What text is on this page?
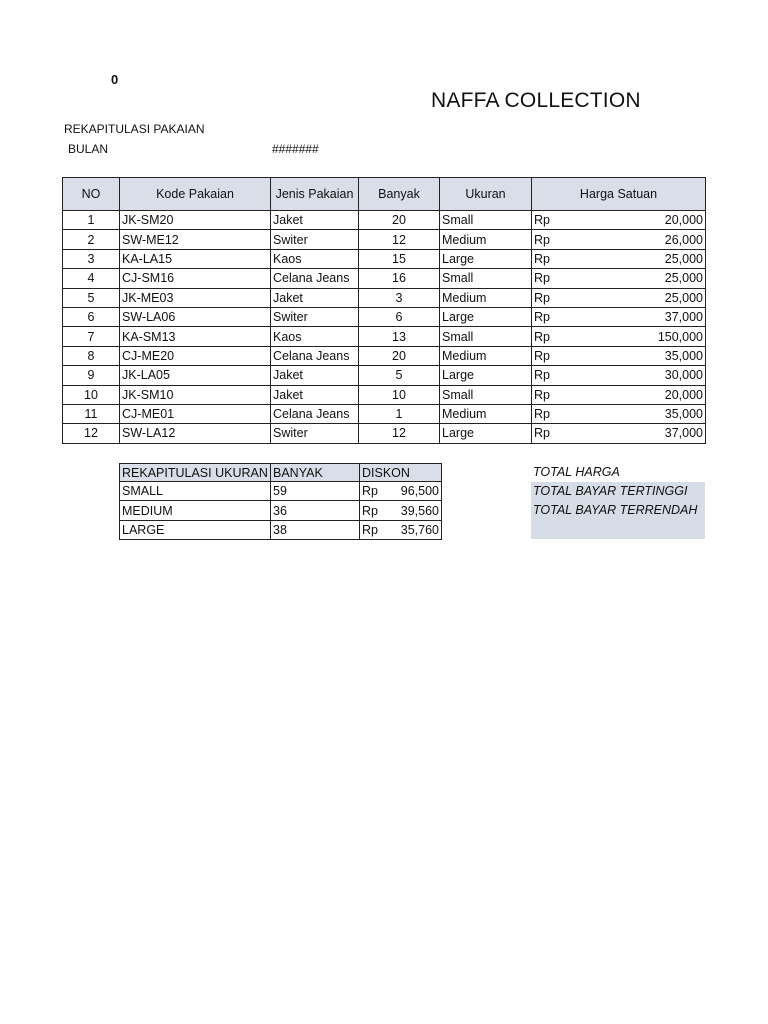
0
NAFFA COLLECTION
REKAPITULASI PAKAIAN
BULAN	#######
NO	Kode Pakaian	Jenis Pakaian	Banyak	Ukuran	Harga Satuan
1	JK-SM20	Jaket	20	Small	Rp 20,000

2	SW-ME12	Switer	12	Medium	Rp 26,000

3	KA-LA15	Kaos	15	Large	Rp 25,000

4	CJ-SM16	Celana Jeans	16	Small	Rp 25,000

5	JK-ME03	Jaket	3	Medium	Rp 25,000

6	SW-LA06	Switer	6	Large	Rp 37,000

7	KA-SM13	Kaos	13	Small	Rp 150,000

8	CJ-ME20	Celana Jeans	20	Medium	Rp 35,000

9	JK-LA05	Jaket	5	Large	Rp 30,000

10	JK-SM10	Jaket	10	Small	Rp 20,000

11	CJ-ME01	Celana Jeans	1	Medium	Rp 35,000

12	SW-LA12	Switer	12	Large	Rp 37,000
REKAPITULASI UKURAN	BANYAK	DISKON
SMALL	59	Rp 96,500

MEDIUM	36	Rp 39,560

LARGE	38	Rp 35,760
TOTAL HARGA
TOTAL BAYAR TERTINGGI
TOTAL BAYAR TERRENDAH
